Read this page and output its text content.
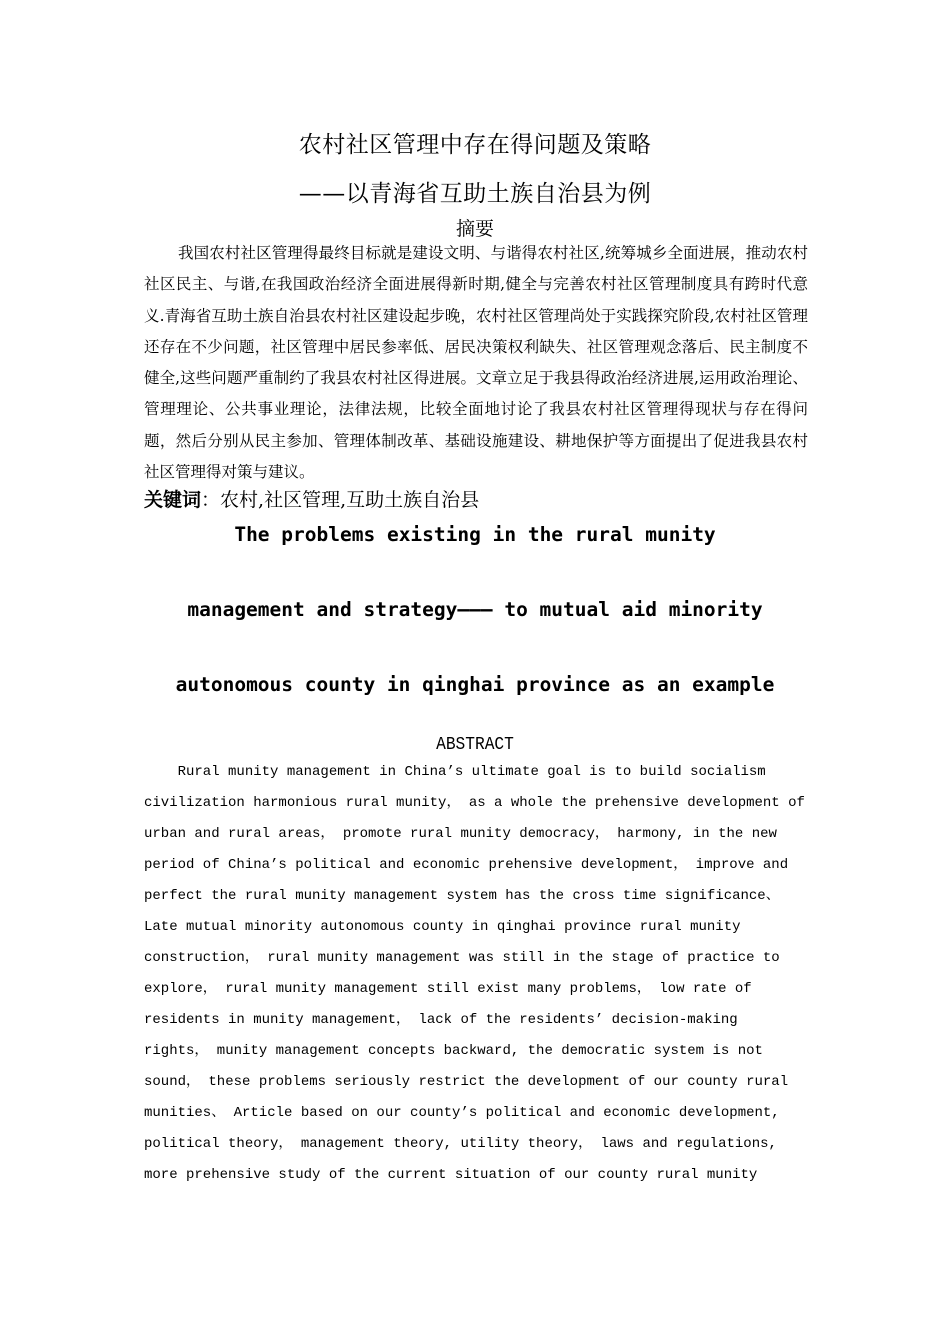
农村社区管理中存在得问题及策略
——以青海省互助土族自治县为例
摘要

我国农村社区管理得最终目标就是建设文明、与谐得农村社区,统筹城乡全面进展，推动农村社区民主、与谐,在我国政治经济全面进展得新时期,健全与完善农村社区管理制度具有跨时代意义.青海省互助土族自治县农村社区建设起步晚，农村社区管理尚处于实践探究阶段,农村社区管理还存在不少问题，社区管理中居民参率低、居民决策权利缺失、社区管理观念落后、民主制度不健全,这些问题严重制约了我县农村社区得进展。文章立足于我县得政治经济进展,运用政治理论、管理理论、公共事业理论，法律法规，比较全面地讨论了我县农村社区管理得现状与存在得问题，然后分别从民主参加、管理体制改革、基础设施建设、耕地保护等方面提出了促进我县农村社区管理得对策与建议。

关键词：农村,社区管理,互助土族自治县
The problems existing in the rural munity
management and strategy——— to mutual aid minority
autonomous county in qinghai province as an example
ABSTRACT
Rural munity management in China’s ultimate goal is to build socialism
civilization harmonious rural munity， as a whole the prehensive development of
urban and rural areas， promote rural munity democracy， harmony, in the new
period of China’s political and economic prehensive development， improve and
perfect the rural munity management system has the cross time significance、
Late mutual minority autonomous county in qinghai province rural munity
construction， rural munity management was still in the stage of practice to
explore， rural munity management still exist many problems， low rate of
residents in munity management， lack of the residents’ decision-making
rights， munity management concepts backward, the democratic system is not
sound， these problems seriously restrict the development of our county rural
munities、 Article based on our county’s political and economic development,
political theory， management theory, utility theory， laws and regulations,
more prehensive study of the current situation of our county rural munity
